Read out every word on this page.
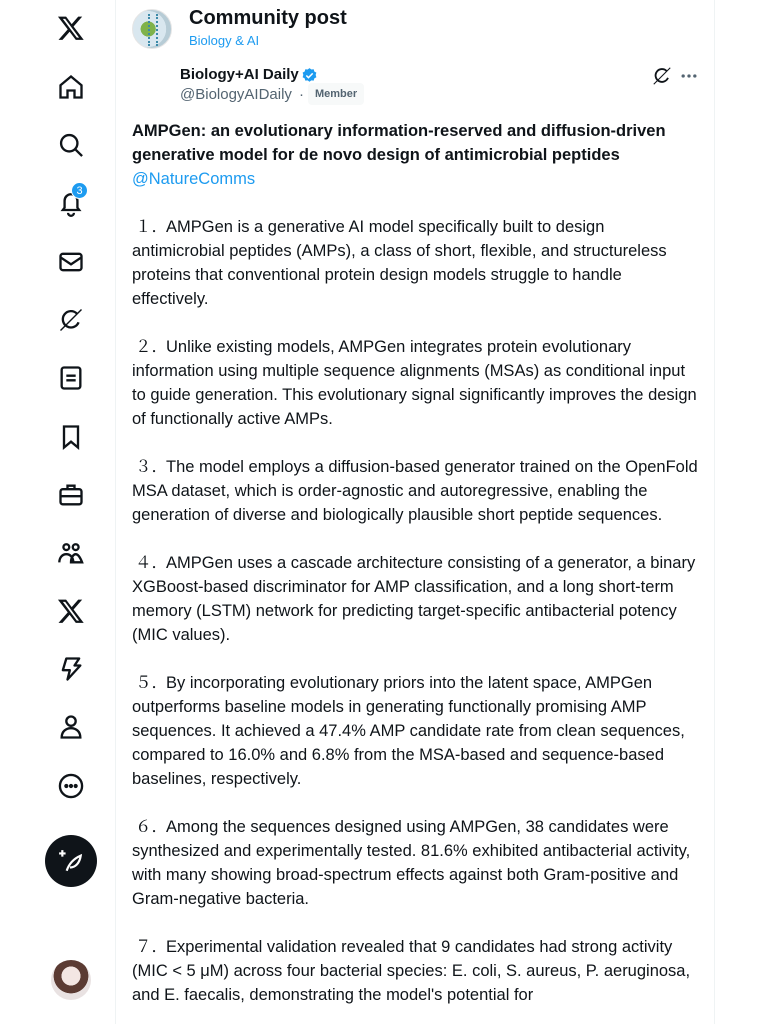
3
Community post
Biology & AI
Biology+AI Daily
@BiologyAIDaily ·	Member
AMPGen: an evolutionary information-reserved and diffusion-driven generative model for de novo design of antimicrobial peptides
@NatureComms

１．AMPGen is a generative AI model specifically built to design antimicrobial peptides (AMPs), a class of short, flexible, and structureless proteins that conventional protein design models struggle to handle effectively.

２．Unlike existing models, AMPGen integrates protein evolutionary information using multiple sequence alignments (MSAs) as conditional input to guide generation. This evolutionary signal significantly improves the design of functionally active AMPs.

３．The model employs a diffusion-based generator trained on the OpenFold MSA dataset, which is order-agnostic and autoregressive, enabling the generation of diverse and biologically plausible short peptide sequences.

４．AMPGen uses a cascade architecture consisting of a generator, a binary XGBoost-based discriminator for AMP classification, and a long short-term memory (LSTM) network for predicting target-specific antibacterial potency (MIC values).

５．By incorporating evolutionary priors into the latent space, AMPGen outperforms baseline models in generating functionally promising AMP sequences. It achieved a 47.4% AMP candidate rate from clean sequences, compared to 16.0% and 6.8% from the MSA-based and sequence-based baselines, respectively.

６．Among the sequences designed using AMPGen, 38 candidates were synthesized and experimentally tested. 81.6% exhibited antibacterial activity, with many showing broad-spectrum effects against both Gram-positive and Gram-negative bacteria.

７．Experimental validation revealed that 9 candidates had strong activity (MIC < 5 μM) across four bacterial species: E. coli, S. aureus, P. aeruginosa, and E. faecalis, demonstrating the model's potential for
